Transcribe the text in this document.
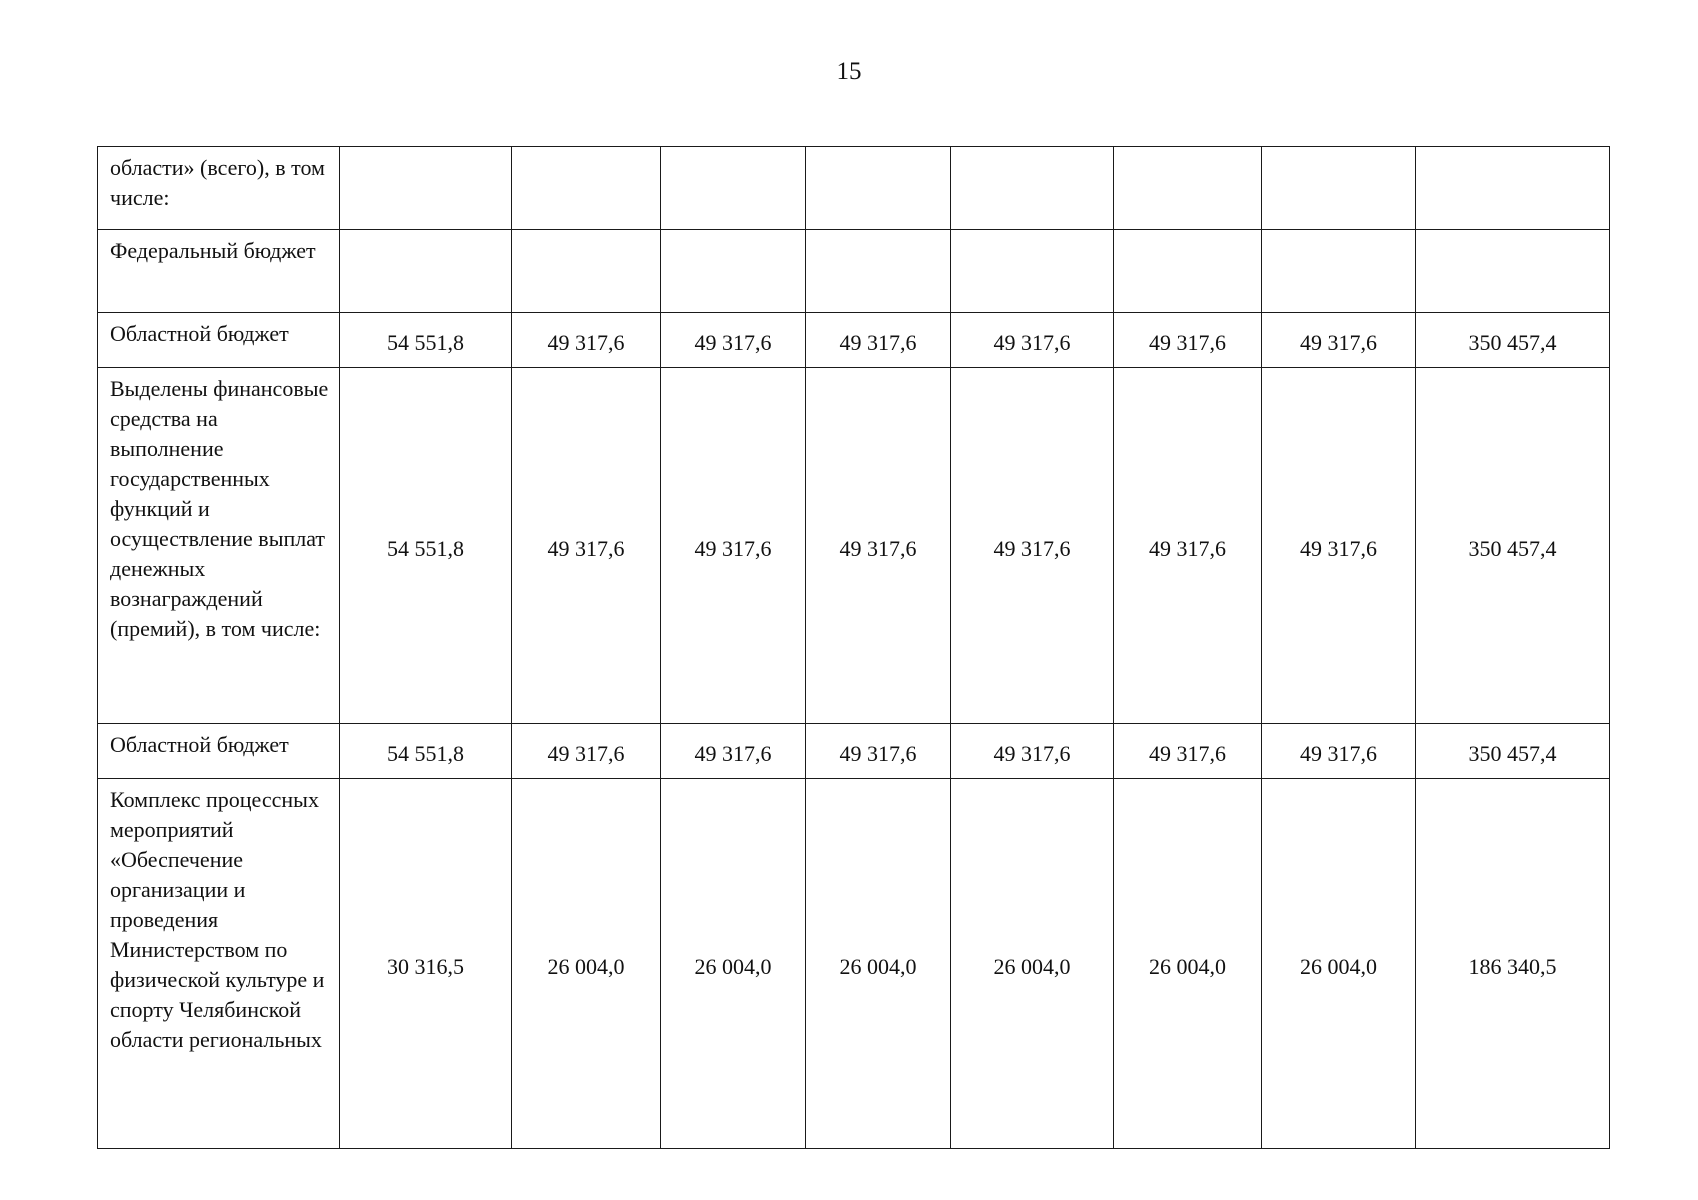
15
области» (всего), в том числе:								
Федеральный бюджет								
Областной бюджет	54 551,8	49 317,6	49 317,6	49 317,6	49 317,6	49 317,6	49 317,6	350 457,4
Выделены финансовые средства на выполнение государственных функций и осуществление выплат денежных вознаграждений (премий), в том числе:	54 551,8	49 317,6	49 317,6	49 317,6	49 317,6	49 317,6	49 317,6	350 457,4
Областной бюджет	54 551,8	49 317,6	49 317,6	49 317,6	49 317,6	49 317,6	49 317,6	350 457,4
Комплекс процессных мероприятий «Обеспечение организации и проведения Министерством по физической культуре и спорту Челябинской области региональных	30 316,5	26 004,0	26 004,0	26 004,0	26 004,0	26 004,0	26 004,0	186 340,5
